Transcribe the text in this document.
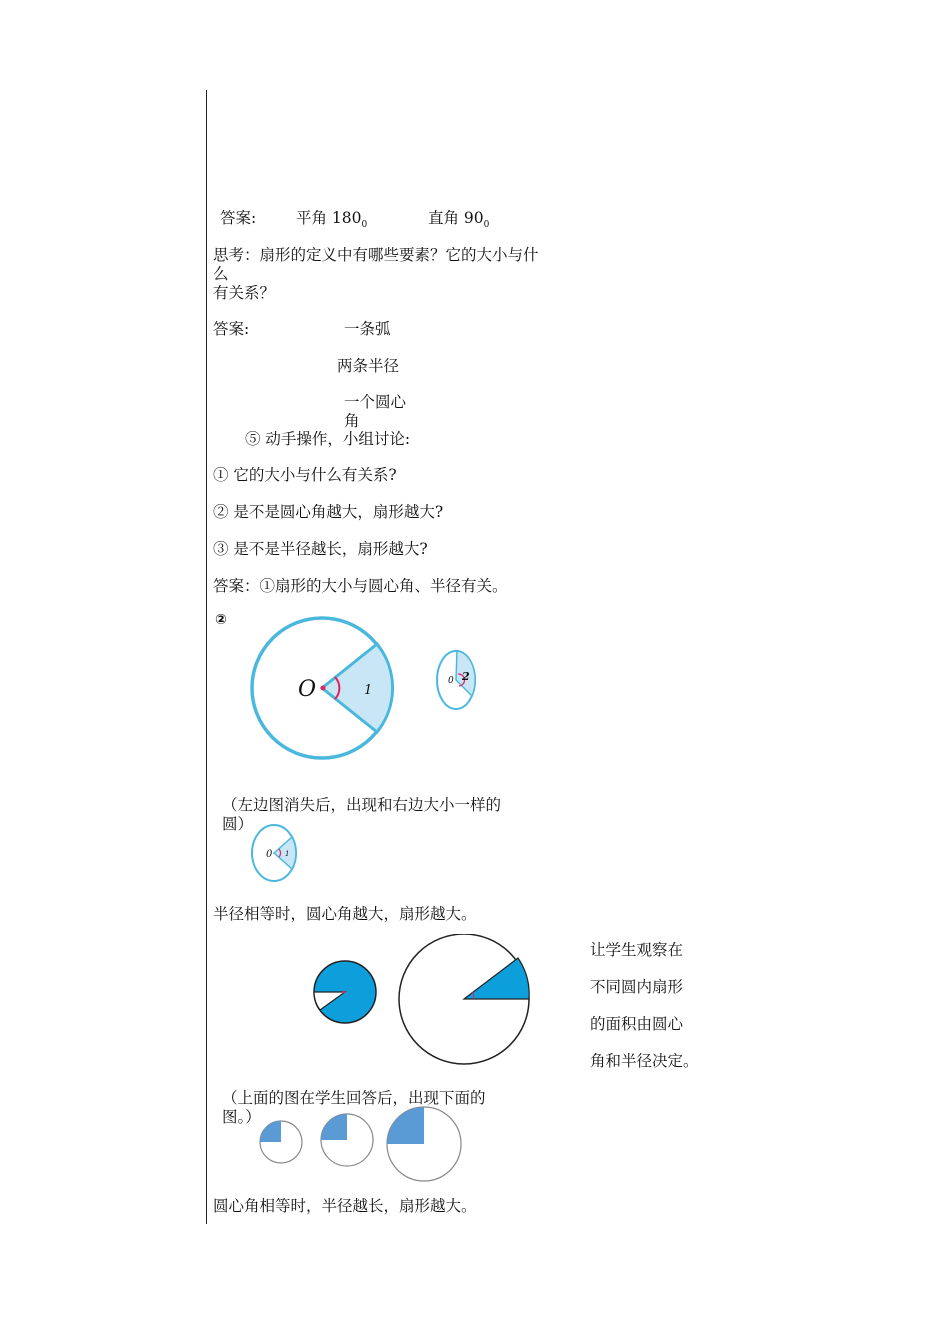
答案:	平角 $180_0$	直角 $90_0$
思考：扇形的定义中有哪些要素？它的大小与什
么
有关系？
答案:	一条弧
两条半径
一个圆心
角
⑤ 动手操作，小组讨论:
① 它的大小与什么有关系?
② 是不是圆心角越大，扇形越大?
③ 是不是半径越长，扇形越大?
答案：①扇形的大小与圆心角、半径有关。
②
O	1
0 2
（左边图消失后，出现和右边大小一样的
圆）
0 1
半径相等时，圆心角越大，扇形越大。
让学生观察在
不同圆内扇形
的面积由圆心
角和半径决定。
（上面的图在学生回答后，出现下面的
图。）
圆心角相等时，半径越长，扇形越大。
